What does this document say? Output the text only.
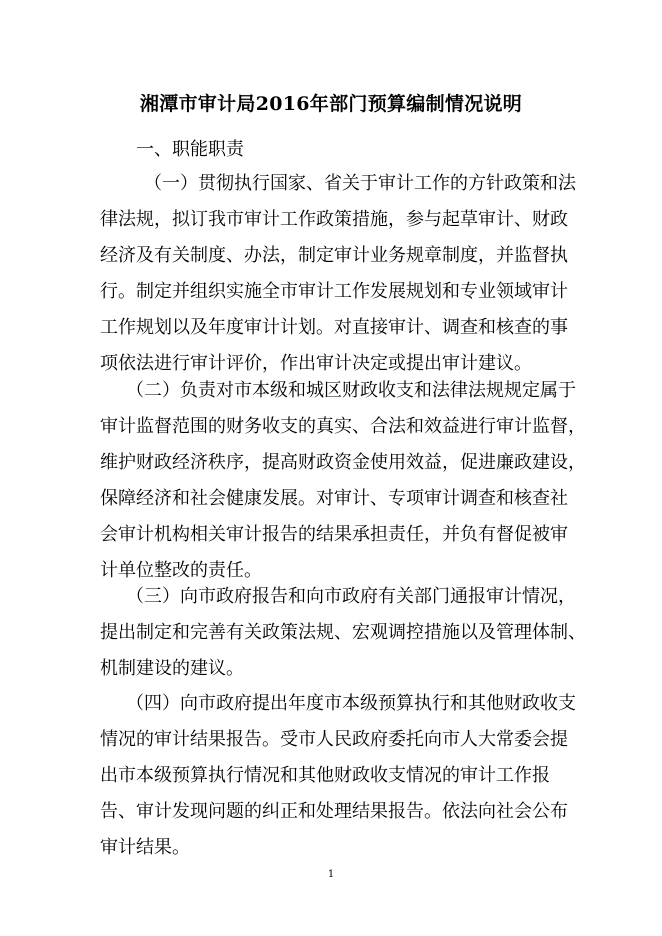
湘潭市审计局2016年部门预算编制情况说明
一、职能职责
（一）贯彻执行国家、省关于审计工作的方针政策和法
律法规，拟订我市审计工作政策措施，参与起草审计、财政
经济及有关制度、办法，制定审计业务规章制度，并监督执
行。制定并组织实施全市审计工作发展规划和专业领域审计
工作规划以及年度审计计划。对直接审计、调查和核查的事
项依法进行审计评价，作出审计决定或提出审计建议。
（二）负责对市本级和城区财政收支和法律法规规定属于
审计监督范围的财务收支的真实、合法和效益进行审计监督，
维护财政经济秩序，提高财政资金使用效益，促进廉政建设，
保障经济和社会健康发展。对审计、专项审计调查和核查社
会审计机构相关审计报告的结果承担责任，并负有督促被审
计单位整改的责任。
（三）向市政府报告和向市政府有关部门通报审计情况，
提出制定和完善有关政策法规、宏观调控措施以及管理体制、
机制建设的建议。
（四）向市政府提出年度市本级预算执行和其他财政收支
情况的审计结果报告。受市人民政府委托向市人大常委会提
出市本级预算执行情况和其他财政收支情况的审计工作报
告、审计发现问题的纠正和处理结果报告。依法向社会公布
审计结果。
1
